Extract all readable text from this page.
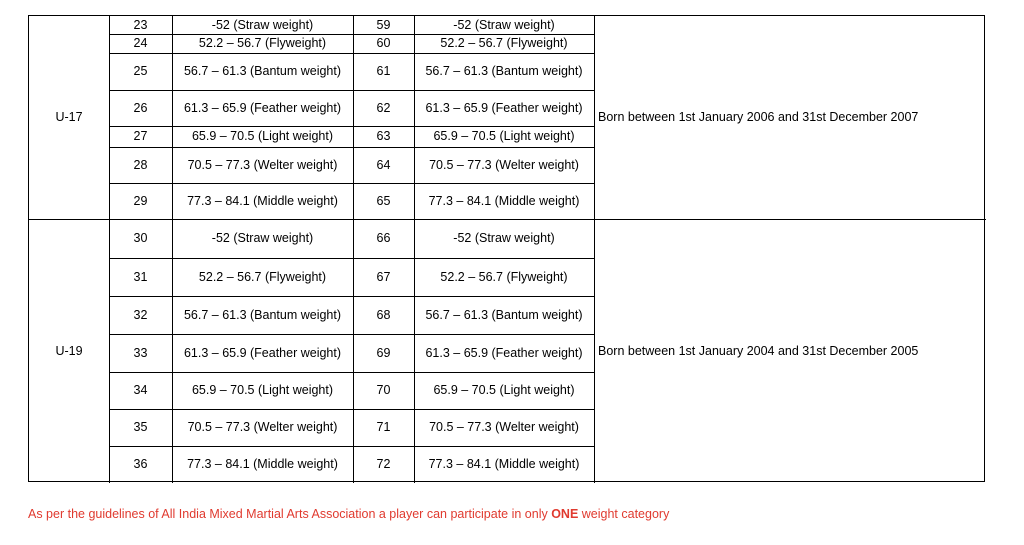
U-17	Born between 1st January 2006 and 31st December 2007
23	-52 (Straw weight)	59	-52 (Straw weight)
24	52.2 – 56.7 (Flyweight)	60	52.2 – 56.7 (Flyweight)
25	56.7 – 61.3 (Bantum weight)	61	56.7 – 61.3 (Bantum weight)
26	61.3 – 65.9 (Feather weight)	62	61.3 – 65.9 (Feather weight)
27	65.9 – 70.5 (Light weight)	63	65.9 – 70.5 (Light weight)
28	70.5 – 77.3 (Welter weight)	64	70.5 – 77.3 (Welter weight)
29	77.3 – 84.1 (Middle weight)	65	77.3 – 84.1 (Middle weight)
U-19	Born between 1st January 2004 and 31st December 2005
30	-52 (Straw weight)	66	-52 (Straw weight)
31	52.2 – 56.7 (Flyweight)	67	52.2 – 56.7 (Flyweight)
32	56.7 – 61.3 (Bantum weight)	68	56.7 – 61.3 (Bantum weight)
33	61.3 – 65.9 (Feather weight)	69	61.3 – 65.9 (Feather weight)
34	65.9 – 70.5 (Light weight)	70	65.9 – 70.5 (Light weight)
35	70.5 – 77.3 (Welter weight)	71	70.5 – 77.3 (Welter weight)
36	77.3 – 84.1 (Middle weight)	72	77.3 – 84.1 (Middle weight)
As per the guidelines of All India Mixed Martial Arts Association a player can participate in only ONE weight category
